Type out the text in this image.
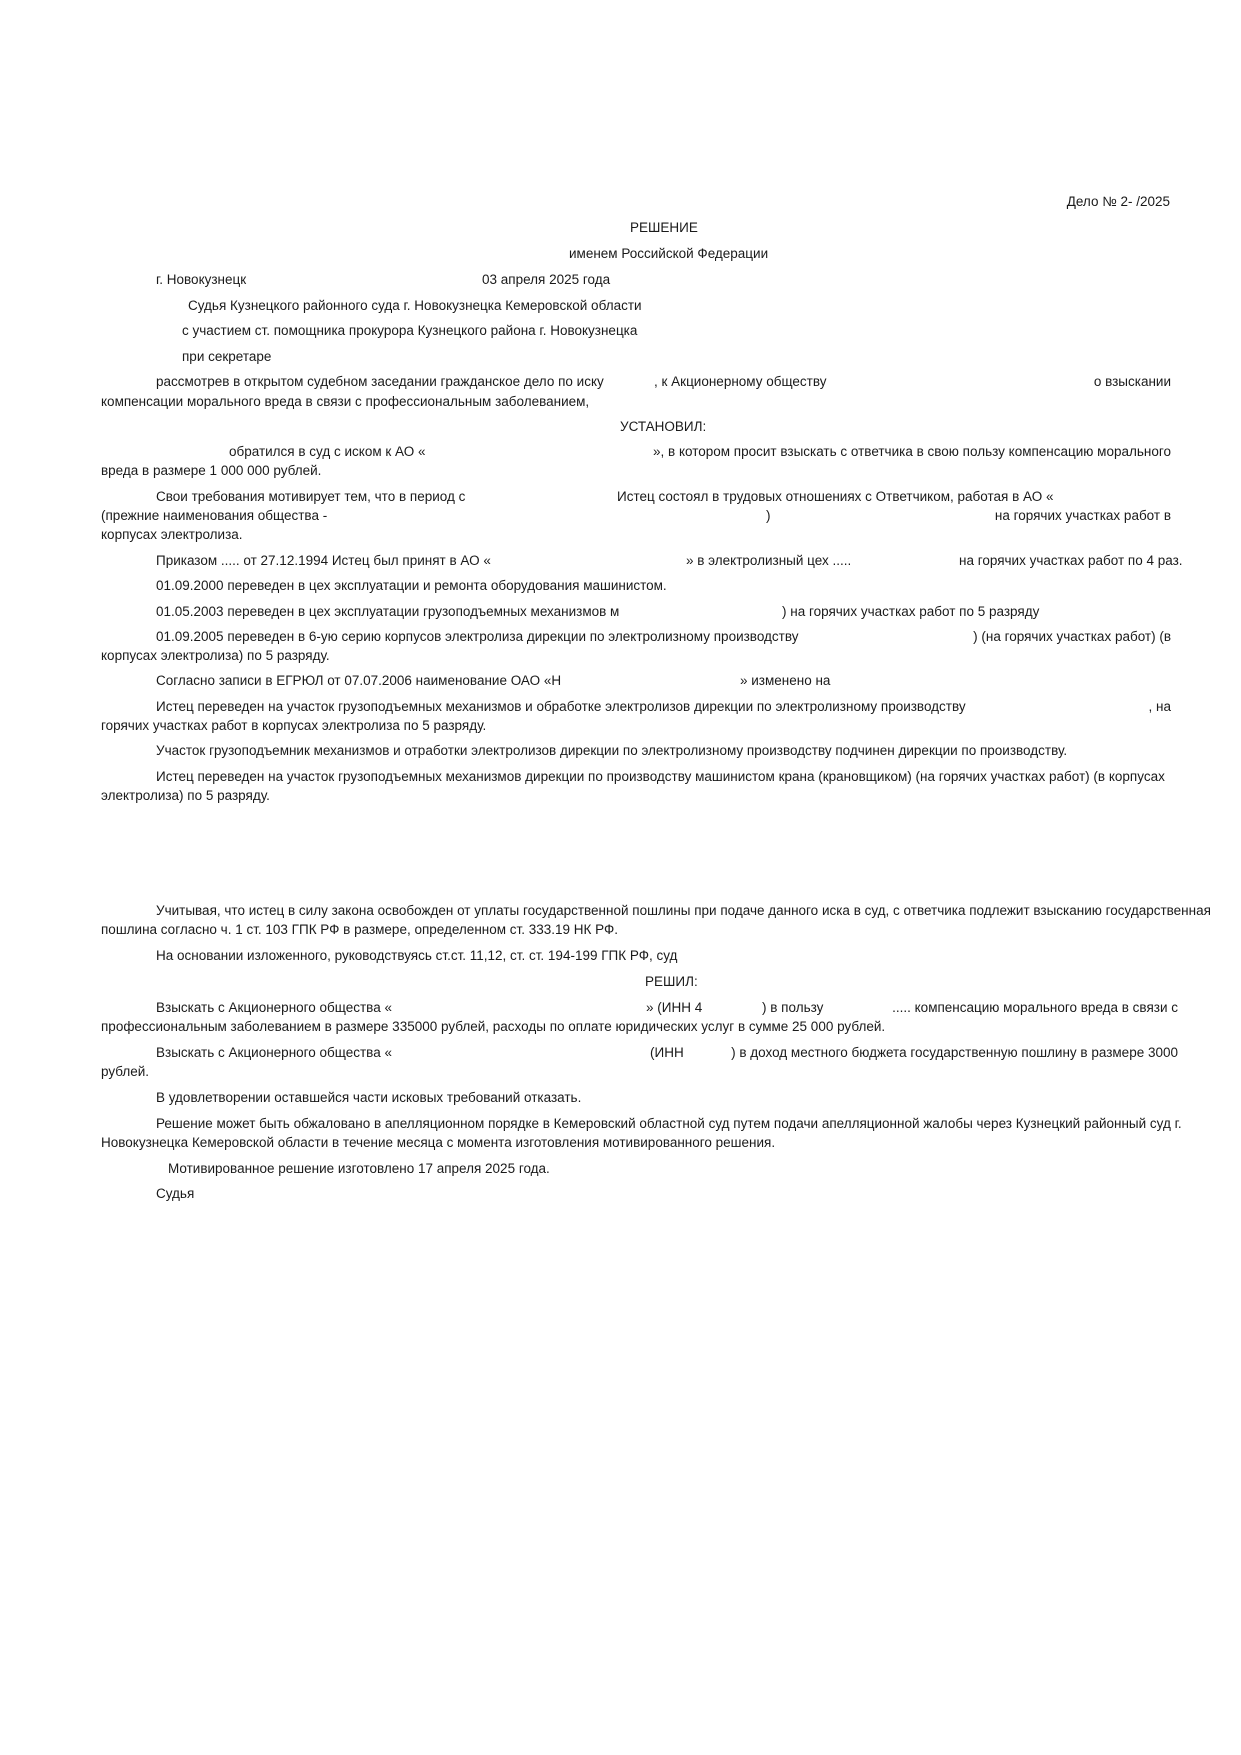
Дело № 2- /2025
РЕШЕНИЕ
именем Российской Федерации
г. Новокузнецк	03 апреля 2025 года
Судья Кузнецкого районного суда г. Новокузнецка Кемеровской области
с участием ст. помощника прокурора Кузнецкого района г. Новокузнецка
при секретаре
рассмотрев в открытом судебном заседании гражданское дело по иску	, к Акционерному обществу	о взыскании
компенсации морального вреда в связи с профессиональным заболеванием,
УСТАНОВИЛ:
обратился в суд с иском к АО «	», в котором просит взыскать с ответчика в свою пользу компенсацию морального
вреда в размере 1 000 000 рублей.
Свои требования мотивирует тем, что в период с	Истец состоял в трудовых отношениях с Ответчиком, работая в АО «
(прежние наименования общества -	)	на горячих участках работ в
корпусах электролиза.
Приказом ..... от 27.12.1994 Истец был принят в АО «	» в электролизный цех .....	на горячих участках работ по 4 раз.
01.09.2000 переведен в цех эксплуатации и ремонта оборудования машинистом.
01.05.2003 переведен в цех эксплуатации грузоподъемных механизмов м	) на горячих участках работ по 5 разряду
01.09.2005 переведен в 6-ую серию корпусов электролиза дирекции по электролизному производству	) (на горячих участках работ) (в
корпусах электролиза) по 5 разряду.
Согласно записи в ЕГРЮЛ от 07.07.2006 наименование ОАО «Н	» изменено на
Истец переведен на участок грузоподъемных механизмов и обработке электролизов дирекции по электролизному производству	, на
горячих участках работ в корпусах электролиза по 5 разряду.
Участок грузоподъемник механизмов и отработки электролизов дирекции по электролизному производству подчинен дирекции по производству.
Истец переведен на участок грузоподъемных механизмов дирекции по производству машинистом крана (крановщиком) (на горячих участках работ) (в корпусах
электролиза) по 5 разряду.
Учитывая, что истец в силу закона освобожден от уплаты государственной пошлины при подаче данного иска в суд, с ответчика подлежит взысканию государственная
пошлина согласно ч. 1 ст. 103 ГПК РФ в размере, определенном ст. 333.19 НК РФ.
На основании изложенного, руководствуясь ст.ст. 11,12, ст. ст. 194-199 ГПК РФ, суд
РЕШИЛ:
Взыскать с Акционерного общества «	» (ИНН 4	) в пользу	..... компенсацию морального вреда в связи с
профессиональным заболеванием в размере 335000 рублей, расходы по оплате юридических услуг в сумме 25 000 рублей.
Взыскать с Акционерного общества «	(ИНН	) в доход местного бюджета государственную пошлину в размере 3000
рублей.
В удовлетворении оставшейся части исковых требований отказать.
Решение может быть обжаловано в апелляционном порядке в Кемеровский областной суд путем подачи апелляционной жалобы через Кузнецкий районный суд г.
Новокузнецка Кемеровской области в течение месяца с момента изготовления мотивированного решения.
Мотивированное решение изготовлено 17 апреля 2025 года.
Судья
